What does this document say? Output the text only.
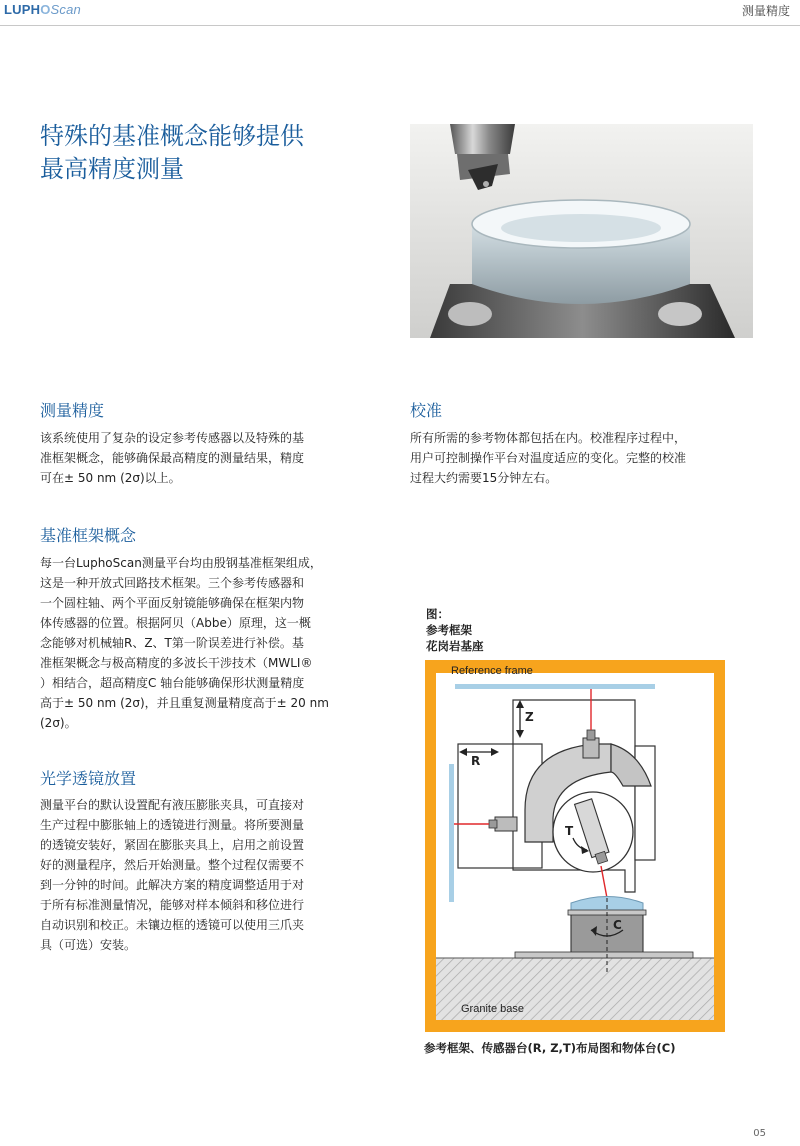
LUPHOScan	测量精度
特殊的基准概念能够提供
最高精度测量
测量精度
该系统使用了复杂的设定参考传感器以及特殊的基
准框架概念，能够确保最高精度的测量结果，精度
可在± 50 nm (2σ)以上。
校准
所有所需的参考物体都包括在内。校准程序过程中，
用户可控制操作平台对温度适应的变化。完整的校准
过程大约需要15分钟左右。
基准框架概念
每一台LuphoScan测量平台均由殷钢基准框架组成，
这是一种开放式回路技术框架。三个参考传感器和
一个圆柱轴、两个平面反射镜能够确保在框架内物
体传感器的位置。根据阿贝（Abbe）原理，这一概
念能够对机械轴R、Z、T第一阶误差进行补偿。基
准框架概念与极高精度的多波长干涉技术（MWLI®
）相结合，超高精度C 轴台能够确保形状测量精度
高于± 50 nm (2σ)，并且重复测量精度高于± 20 nm
(2σ)。
光学透镜放置
测量平台的默认设置配有液压膨胀夹具，可直接对
生产过程中膨胀轴上的透镜进行测量。将所要测量
的透镜安装好，紧固在膨胀夹具上，启用之前设置
好的测量程序，然后开始测量。整个过程仅需要不
到一分钟的时间。此解决方案的精度调整适用于对
于所有标准测量情况，能够对样本倾斜和移位进行
自动识别和校正。未镶边框的透镜可以使用三爪夹
具（可选）安装。
图：
参考框架
花岗岩基座
Reference frame
Granite base
Z
R
T
C
参考框架、传感器台(R, Z,T)布局图和物体台(C)
05
